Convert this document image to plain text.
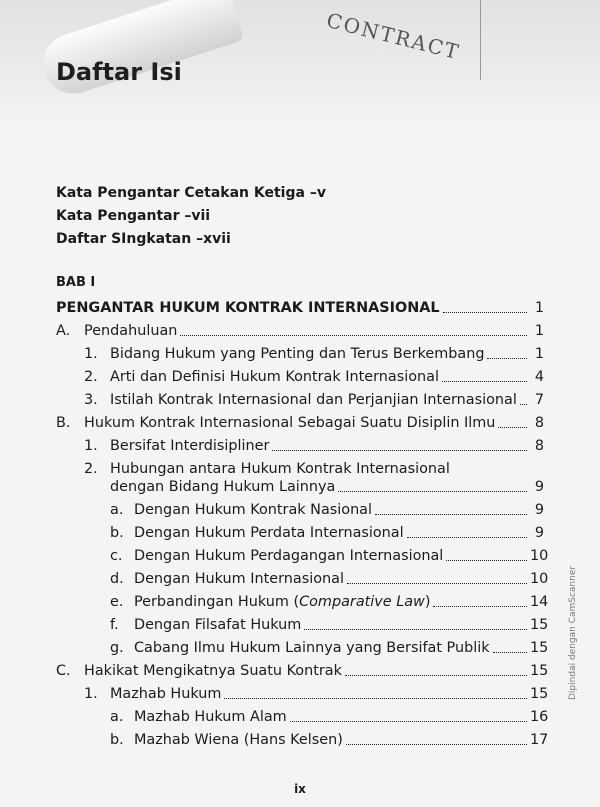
CONTRACT
Daftar Isi
Kata Pengantar Cetakan Ketiga –v
Kata Pengantar –vii
Daftar SIngkatan –xvii
BAB I
PENGANTAR HUKUM KONTRAK INTERNASIONAL	1
A. Pendahuluan	1
1. Bidang Hukum yang Penting dan Terus Berkembang	1
2. Arti dan Definisi Hukum Kontrak Internasional	4
3. Istilah Kontrak Internasional dan Perjanjian Internasional	7
B. Hukum Kontrak Internasional Sebagai Suatu Disiplin Ilmu	8
1. Bersifat Interdisipliner	8
2. Hubungan antara Hukum Kontrak Internasional
dengan Bidang Hukum Lainnya	9
a. Dengan Hukum Kontrak Nasional	9
b. Dengan Hukum Perdata Internasional	9
c. Dengan Hukum Perdagangan Internasional	10
d. Dengan Hukum Internasional	10
e. Perbandingan Hukum (Comparative Law)	14
f.	Dengan Filsafat Hukum	15
g. Cabang Ilmu Hukum Lainnya yang Bersifat Publik	15
C. Hakikat Mengikatnya Suatu Kontrak	15
1. Mazhab Hukum	15
a. Mazhab Hukum Alam	16
b. Mazhab Wiena (Hans Kelsen)	17
ix
Dipindai dengan CamScanner
